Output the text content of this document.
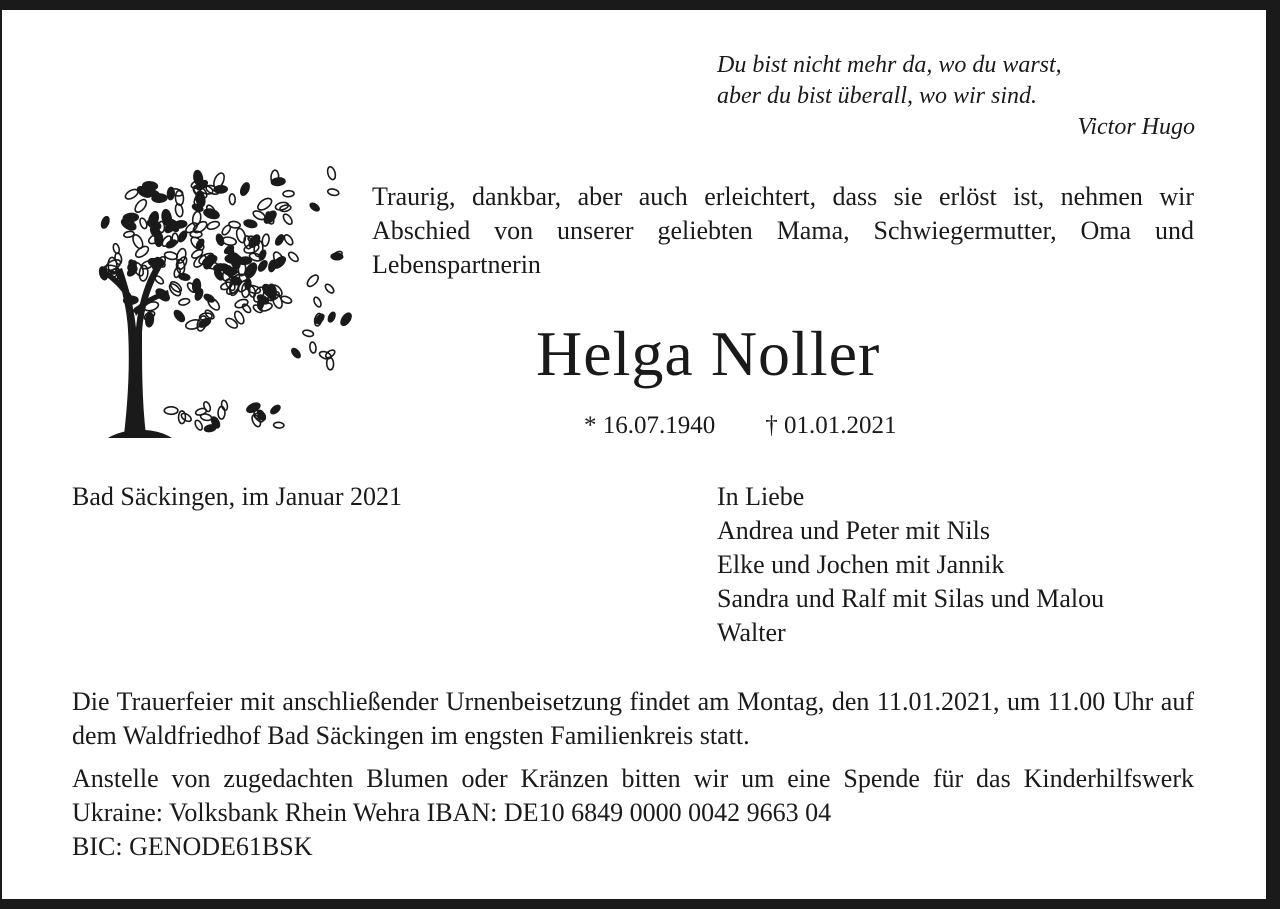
Du bist nicht mehr da, wo du warst,
aber du bist überall, wo wir sind.
Victor Hugo
Traurig, dankbar, aber auch erleichtert, dass sie erlöst ist, nehmen wir Abschied von unserer geliebten Mama, Schwiegermutter, Oma und Lebenspartnerin
Helga Noller
* 16.07.1940 † 01.01.2021
Bad Säckingen, im Januar 2021	In Liebe
Andrea und Peter mit Nils
Elke und Jochen mit Jannik
Sandra und Ralf mit Silas und Malou
Walter
Die Trauerfeier mit anschließender Urnenbeisetzung findet am Montag, den 11.01.2021, um 11.00 Uhr auf dem Waldfriedhof Bad Säckingen im engsten Familienkreis statt.
Anstelle von zugedachten Blumen oder Kränzen bitten wir um eine Spende für das Kinderhilfswerk Ukraine: Volksbank Rhein Wehra IBAN: DE10 6849 0000 0042 9663 04
BIC: GENODE61BSK
